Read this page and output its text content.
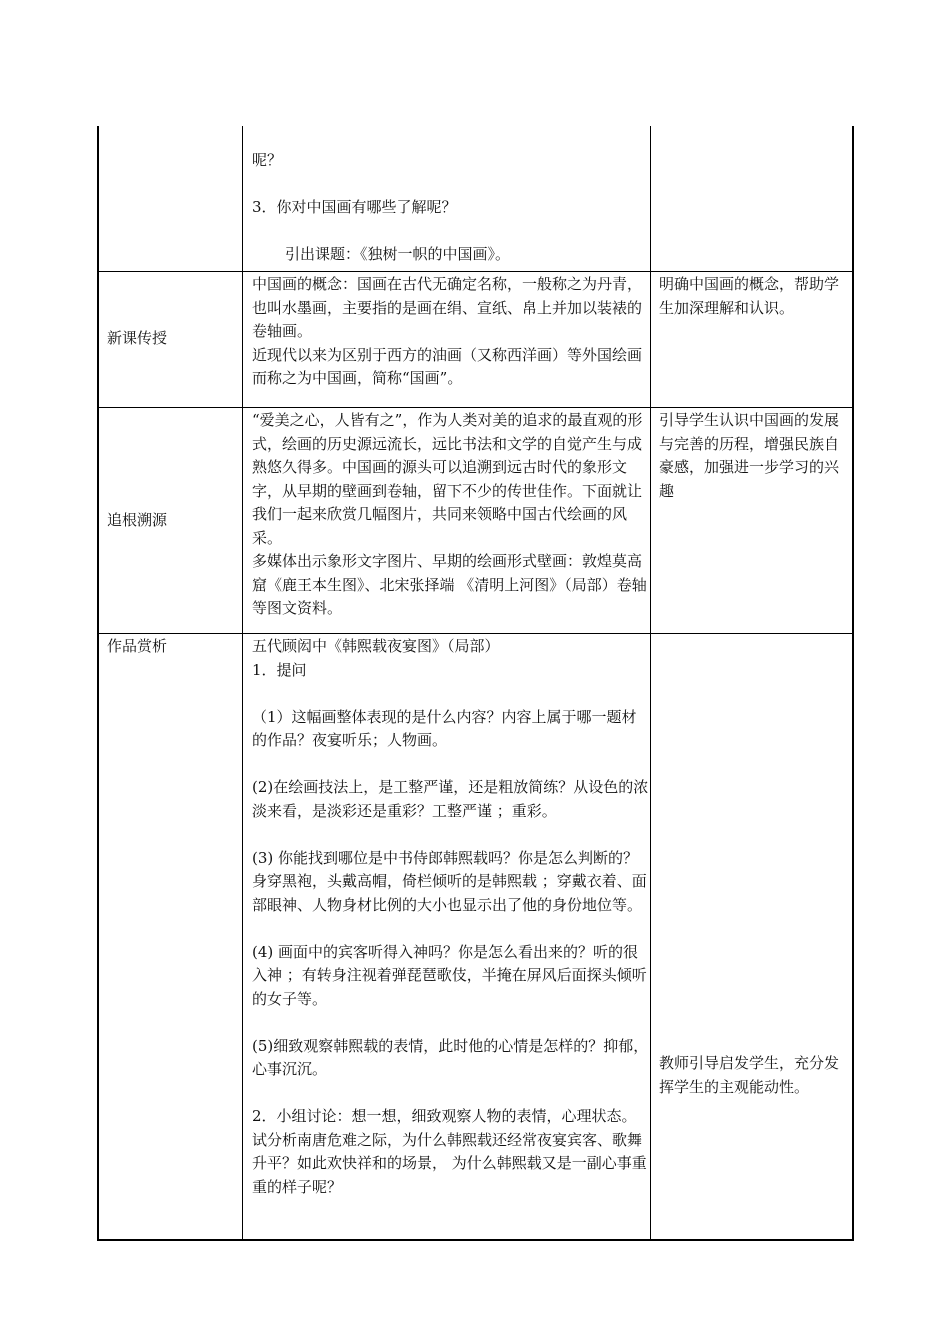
呢？

3．你对中国画有哪些了解呢？

引出课题：《独树一帜的中国画》。

新课传授

中国画的概念：国画在古代无确定名称，一般称之为丹青，也叫水墨画，主要指的是画在绢、宣纸、帛上并加以装裱的卷轴画。

近现代以来为区别于西方的油画（又称西洋画）等外国绘画而称之为中国画，简称“国画”。

明确中国画的概念，帮助学生加深理解和认识。
追根溯源

“爱美之心，人皆有之”，作为人类对美的追求的最直观的形式，绘画的历史源远流长，远比书法和文学的自觉产生与成熟悠久得多。中国画的源头可以追溯到远古时代的象形文字，从早期的壁画到卷轴，留下不少的传世佳作。下面就让我们一起来欣赏几幅图片，共同来领略中国古代绘画的风采。

多媒体出示象形文字图片、早期的绘画形式壁画：敦煌莫高窟《鹿王本生图》、北宋张择端 《清明上河图》（局部）卷轴等图文资料。

引导学生认识中国画的发展与完善的历程，增强民族自豪感，加强进一步学习的兴趣
作品赏析	五代顾闳中《韩熙载夜宴图》（局部）

1．提问

（1）这幅画整体表现的是什么内容？内容上属于哪一题材的作品？夜宴听乐；人物画。

(2)在绘画技法上，是工整严谨，还是粗放简练？从设色的浓淡来看，是淡彩还是重彩？工整严谨 ；重彩。

(3) 你能找到哪位是中书侍郎韩熙载吗？你是怎么判断的？身穿黑袍，头戴高帽，倚栏倾听的是韩熙载 ；穿戴衣着、面部眼神、人物身材比例的大小也显示出了他的身份地位等。

(4) 画面中的宾客听得入神吗？你是怎么看出来的？听的很入神 ；有转身注视着弹琵琶歌伎，半掩在屏风后面探头倾听的女子等。

(5)细致观察韩熙载的表情，此时他的心情是怎样的？抑郁，心事沉沉。

2．小组讨论：想一想，细致观察人物的表情，心理状态。试分析南唐危难之际，为什么韩熙载还经常夜宴宾客、歌舞升平？如此欢快祥和的场景， 为什么韩熙载又是一副心事重重的样子呢？

教师引导启发学生，充分发挥学生的主观能动性。
